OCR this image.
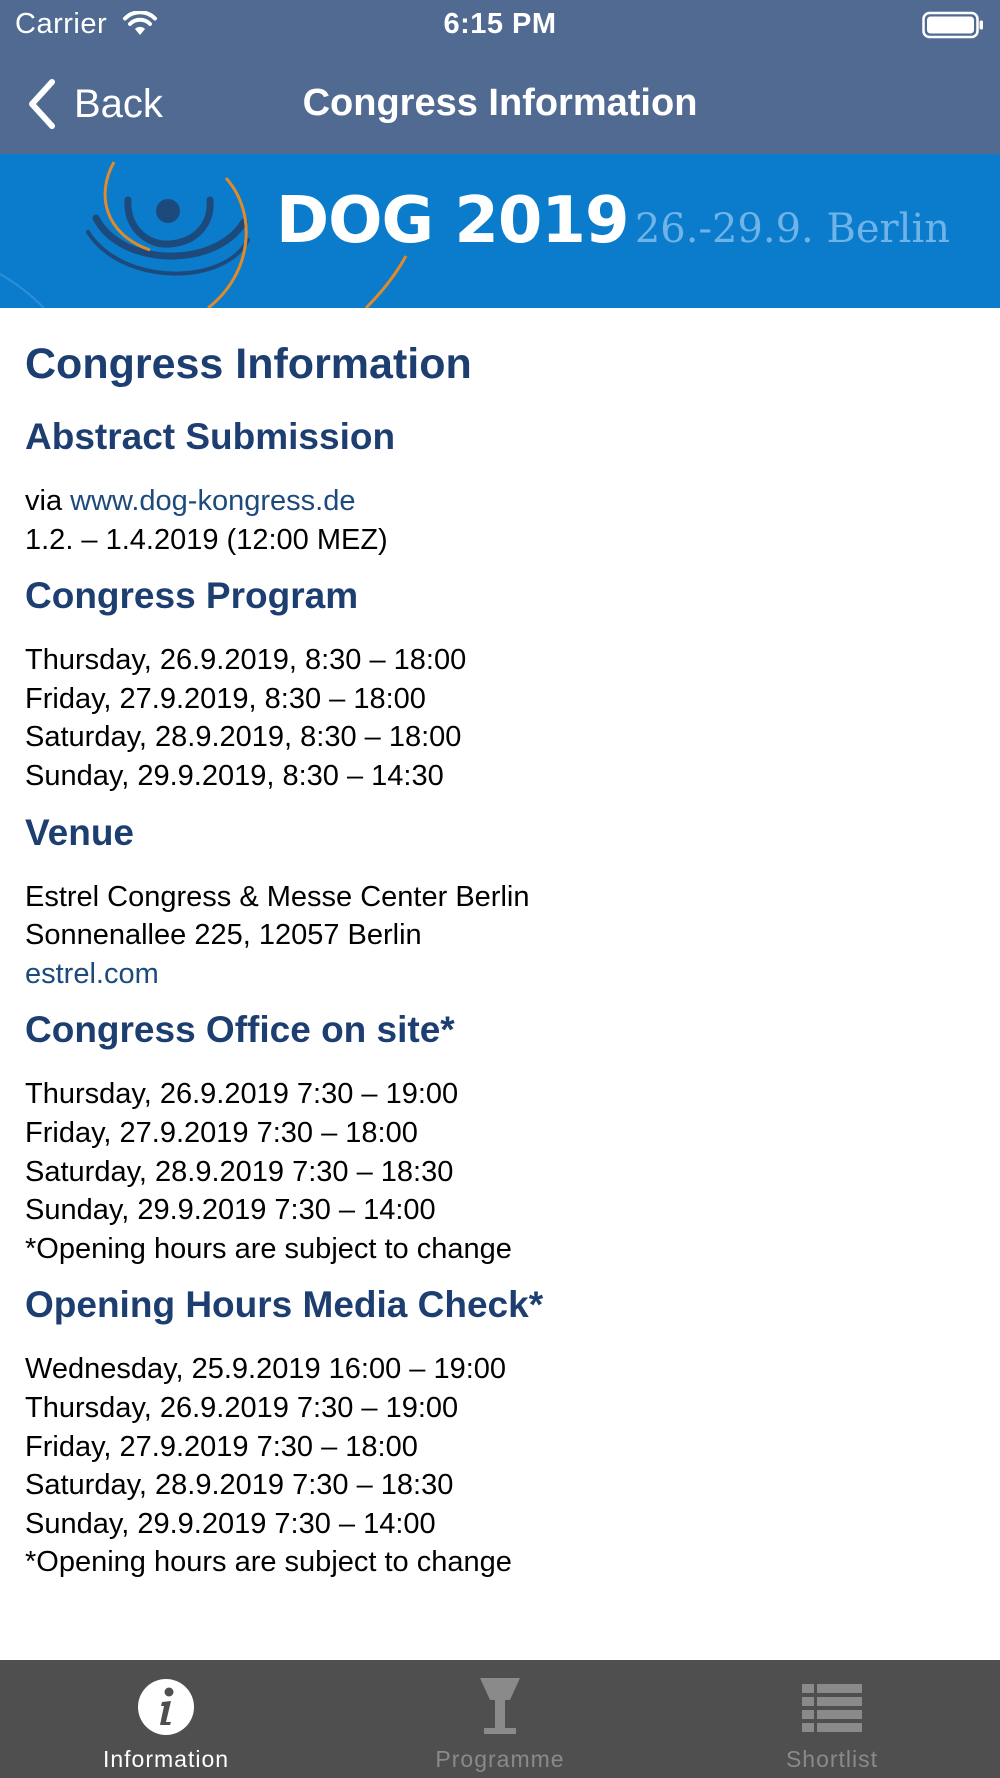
Carrier	6:15 PM
Back	Congress Information
DOG 2019 26.-29.9. Berlin
Congress Information
Abstract Submission
via www.dog-kongress.de
1.2. – 1.4.2019 (12:00 MEZ)
Congress Program
Thursday, 26.9.2019, 8:30 – 18:00
Friday, 27.9.2019, 8:30 – 18:00
Saturday, 28.9.2019, 8:30 – 18:00
Sunday, 29.9.2019, 8:30 – 14:30
Venue
Estrel Congress & Messe Center Berlin
Sonnenallee 225, 12057 Berlin
estrel.com
Congress Office on site*
Thursday, 26.9.2019 7:30 – 19:00
Friday, 27.9.2019 7:30 – 18:00
Saturday, 28.9.2019 7:30 – 18:30
Sunday, 29.9.2019 7:30 – 14:00
*Opening hours are subject to change
Opening Hours Media Check*
Wednesday, 25.9.2019 16:00 – 19:00
Thursday, 26.9.2019 7:30 – 19:00
Friday, 27.9.2019 7:30 – 18:00
Saturday, 28.9.2019 7:30 – 18:30
Sunday, 29.9.2019 7:30 – 14:00
*Opening hours are subject to change
Information	Programme	Shortlist
